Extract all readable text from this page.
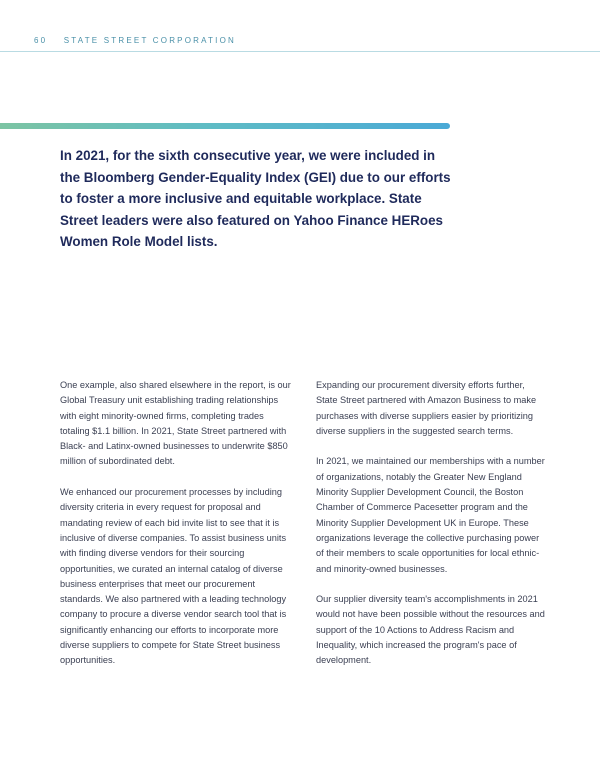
60 STATE STREET CORPORATION

In 2021, for the sixth consecutive year, we were included in the Bloomberg Gender-Equality Index (GEI) due to our efforts to foster a more inclusive and equitable workplace. State Street leaders were also featured on Yahoo Finance HERoes Women Role Model lists.

One example, also shared elsewhere in the report, is our Global Treasury unit establishing trading relationships with eight minority-owned firms, completing trades totaling $1.1 billion. In 2021, State Street partnered with Black- and Latinx-owned businesses to underwrite $850 million of subordinated debt.

We enhanced our procurement processes by including diversity criteria in every request for proposal and mandating review of each bid invite list to see that it is inclusive of diverse companies. To assist business units with finding diverse vendors for their sourcing opportunities, we curated an internal catalog of diverse business enterprises that meet our procurement standards. We also partnered with a leading technology company to procure a diverse vendor search tool that is significantly enhancing our efforts to incorporate more diverse suppliers to compete for State Street business opportunities.

Expanding our procurement diversity efforts further, State Street partnered with Amazon Business to make purchases with diverse suppliers easier by prioritizing diverse suppliers in the suggested search terms.

In 2021, we maintained our memberships with a number of organizations, notably the Greater New England Minority Supplier Development Council, the Boston Chamber of Commerce Pacesetter program and the Minority Supplier Development UK in Europe. These organizations leverage the collective purchasing power of their members to scale opportunities for local ethnic- and minority-owned businesses.

Our supplier diversity team's accomplishments in 2021 would not have been possible without the resources and support of the 10 Actions to Address Racism and Inequality, which increased the program's pace of development.
